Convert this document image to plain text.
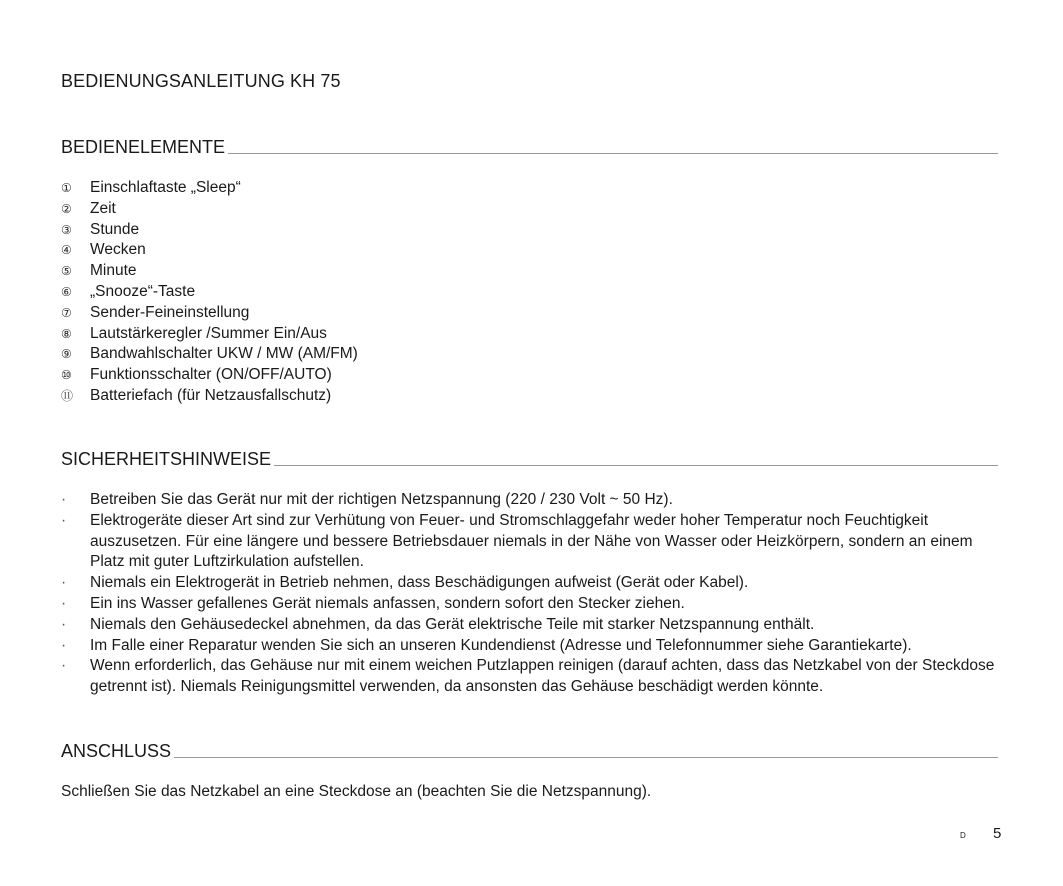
BEDIENUNGSANLEITUNG KH 75
BEDIENELEMENTE
①	Einschlaftaste „Sleep“
②	Zeit
③	Stunde
④	Wecken
⑤	Minute
⑥	„Snooze“-Taste
⑦	Sender-Feineinstellung
⑧	Lautstärkeregler /Summer Ein/Aus
⑨	Bandwahlschalter UKW / MW (AM/FM)
⑩	Funktionsschalter (ON/OFF/AUTO)
⑪	Batteriefach (für Netzausfallschutz)
SICHERHEITSHINWEISE
·	Betreiben Sie das Gerät nur mit der richtigen Netzspannung (220 / 230 Volt ~ 50 Hz).
·	Elektrogeräte dieser Art sind zur Verhütung von Feuer- und Stromschlaggefahr weder hoher Temperatur noch Feuchtigkeit auszusetzen. Für eine längere und bessere Betriebsdauer niemals in der Nähe von Wasser oder Heizkörpern, sondern an einem Platz mit guter Luftzirkulation aufstellen.
·	Niemals ein Elektrogerät in Betrieb nehmen, dass Beschädigungen aufweist (Gerät oder Kabel).
·	Ein ins Wasser gefallenes Gerät niemals anfassen, sondern sofort den Stecker ziehen.
·	Niemals den Gehäusedeckel abnehmen, da das Gerät elektrische Teile mit starker Netzspannung enthält.
·	Im Falle einer Reparatur wenden Sie sich an unseren Kundendienst (Adresse und Telefonnummer siehe Garantiekarte).
·	Wenn erforderlich, das Gehäuse nur mit einem weichen Putzlappen reinigen (darauf achten, dass das Netzkabel von der Steckdose getrennt ist). Niemals Reinigungsmittel verwenden, da ansonsten das Gehäuse beschädigt werden könnte.
ANSCHLUSS
Schließen Sie das Netzkabel an eine Steckdose an (beachten Sie die Netzspannung).
D 5
